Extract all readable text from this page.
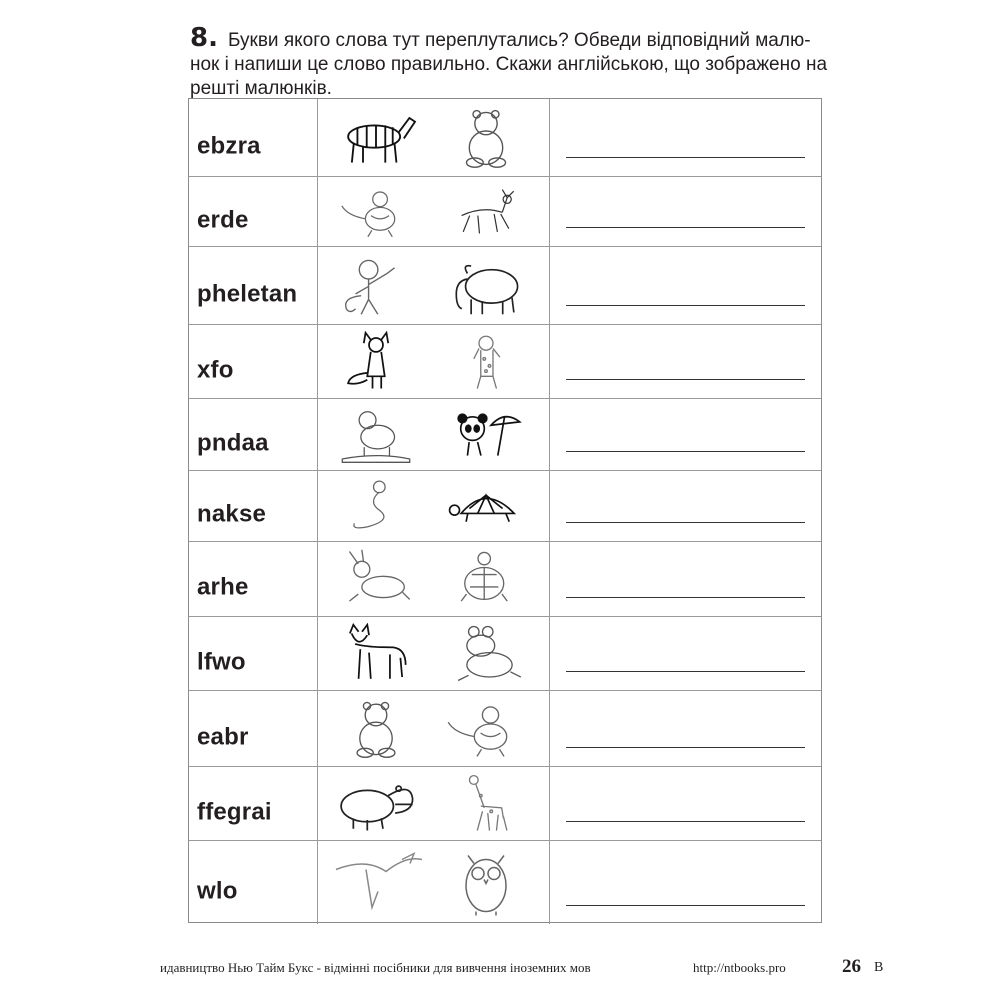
8. Букви якого слова тут переплутались? Обведи відповідний малю- нок і напиши це слово правильно. Скажи англійською, що зображено на решті малюнків.
ebzra
erde
pheletan
xfo
pndaa
nakse
arhe
lfwo
eabr
ffegrai
wlo
идавництво Нью Тайм Букс - відмінні посібники для вивчення іноземних мов	http://ntbooks.pro	26 В
